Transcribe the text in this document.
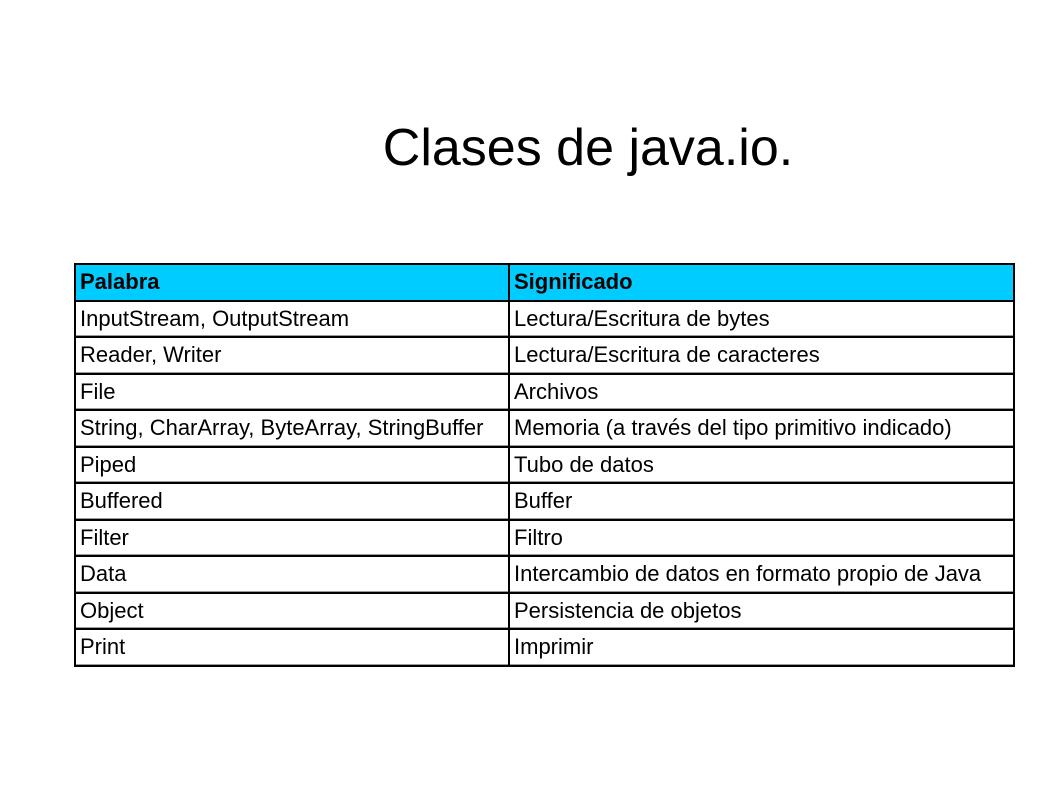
Clases de java.io.
Palabra	Significado
InputStream, OutputStream	Lectura/Escritura de bytes
Reader, Writer	Lectura/Escritura de caracteres
File	Archivos
String, CharArray, ByteArray, StringBuffer	Memoria (a través del tipo primitivo indicado)
Piped	Tubo de datos
Buffered	Buffer
Filter	Filtro
Data	Intercambio de datos en formato propio de Java
Object	Persistencia de objetos
Print	Imprimir
